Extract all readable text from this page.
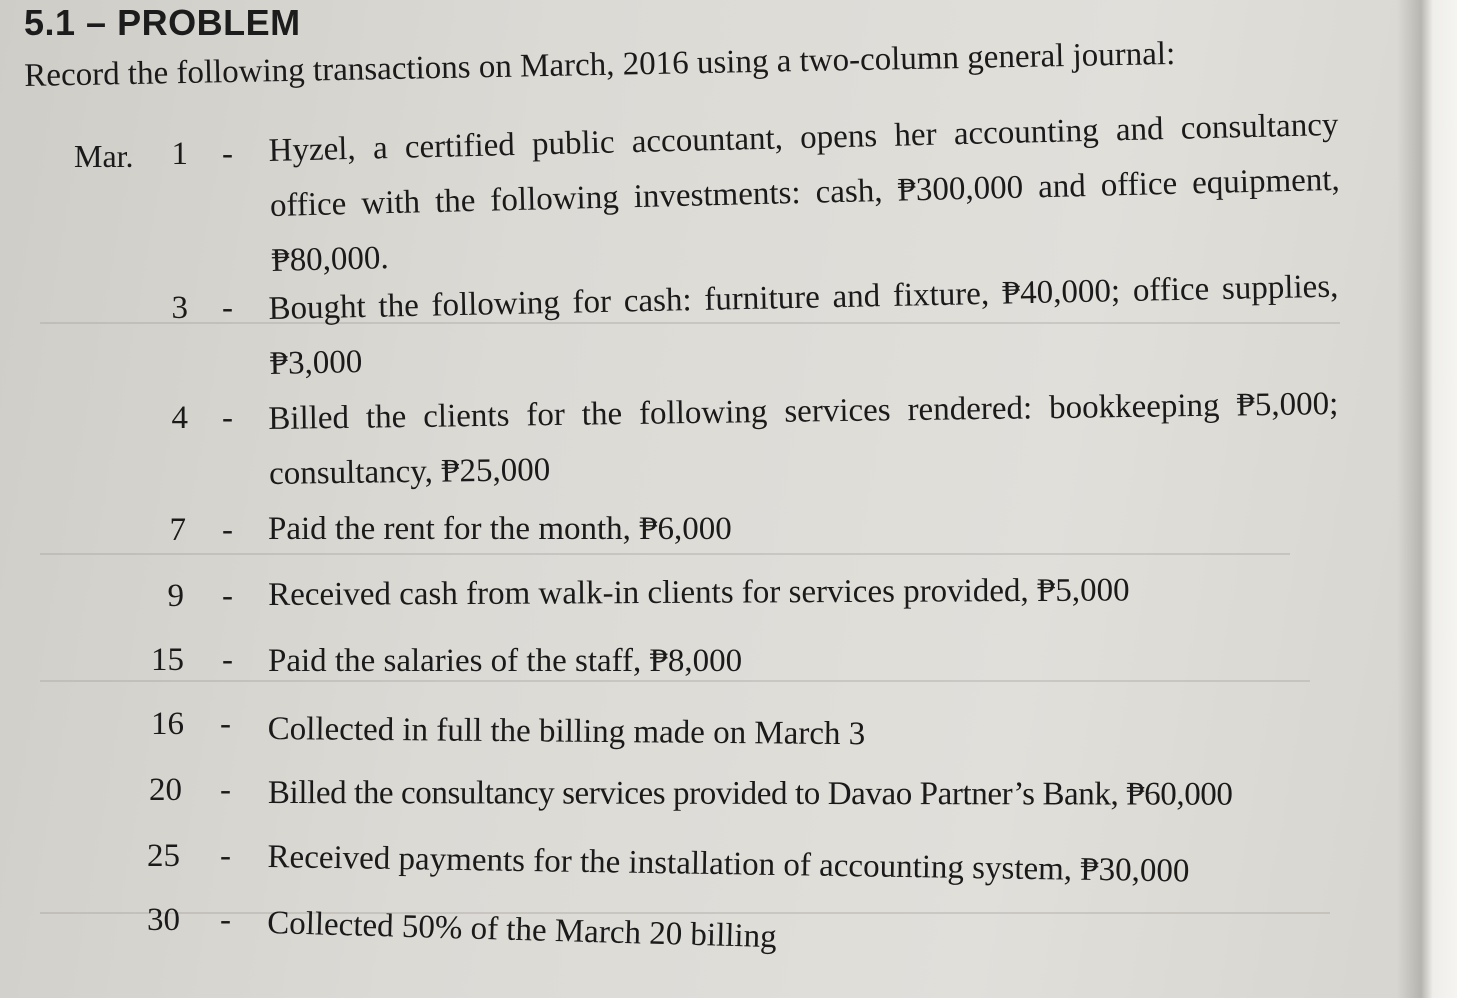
5.1 – PROBLEM

Record the following transactions on March, 2016 using a two-column general journal:

Mar.	1 - Hyzel, a certified public accountant, opens her accounting and consultancy office with the following investments: cash, ₱300,000 and office equipment, ₱80,000.
3 - Bought the following for cash: furniture and fixture, ₱40,000; office supplies, ₱3,000
4 - Billed the clients for the following services rendered: bookkeeping ₱5,000; consultancy, ₱25,000
7 - Paid the rent for the month, ₱6,000
9 - Received cash from walk-in clients for services provided, ₱5,000
15 - Paid the salaries of the staff, ₱8,000
16 - Collected in full the billing made on March 3
20 - Billed the consultancy services provided to Davao Partner’s Bank, ₱60,000
25 - Received payments for the installation of accounting system, ₱30,000
30 - Collected 50% of the March 20 billing
